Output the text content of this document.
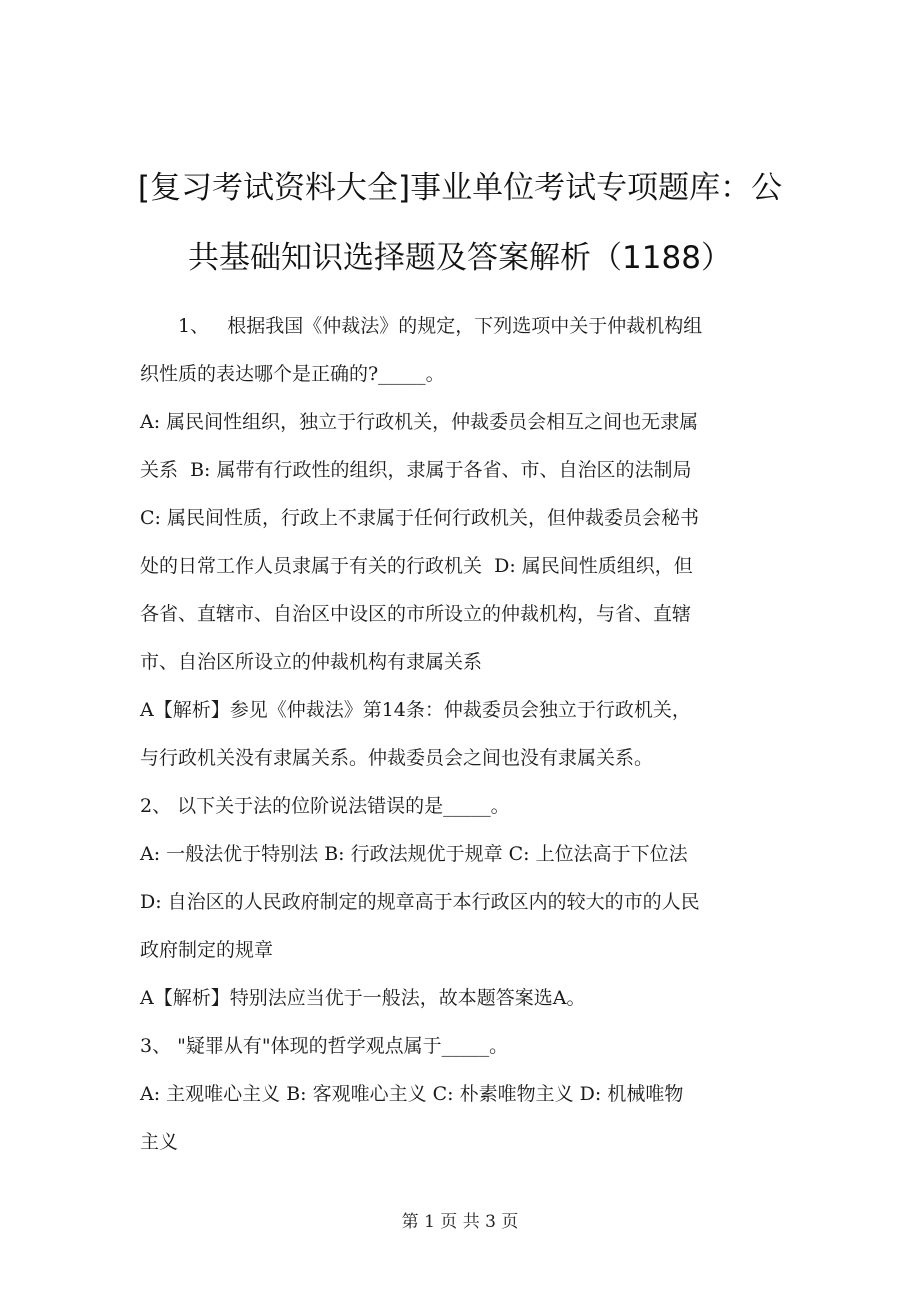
[复习考试资料大全]事业单位考试专项题库：公
共基础知识选择题及答案解析（1188）

1、   根据我国《仲裁法》的规定，下列选项中关于仲裁机构组

织性质的表达哪个是正确的?_____。

A: 属民间性组织，独立于行政机关，仲裁委员会相互之间也无隶属

关系  B: 属带有行政性的组织，隶属于各省、市、自治区的法制局

C: 属民间性质，行政上不隶属于任何行政机关，但仲裁委员会秘书

处的日常工作人员隶属于有关的行政机关  D: 属民间性质组织，但

各省、直辖市、自治区中设区的市所设立的仲裁机构，与省、直辖

市、自治区所设立的仲裁机构有隶属关系

A【解析】参见《仲裁法》第14条：仲裁委员会独立于行政机关，

与行政机关没有隶属关系。仲裁委员会之间也没有隶属关系。

2、 以下关于法的位阶说法错误的是_____。

A: 一般法优于特别法 B: 行政法规优于规章 C: 上位法高于下位法

D: 自治区的人民政府制定的规章高于本行政区内的较大的市的人民

政府制定的规章

A【解析】特别法应当优于一般法，故本题答案选A。

3、 "疑罪从有"体现的哲学观点属于_____。

A: 主观唯心主义 B: 客观唯心主义 C: 朴素唯物主义 D: 机械唯物

主义

第 1 页 共 3 页
